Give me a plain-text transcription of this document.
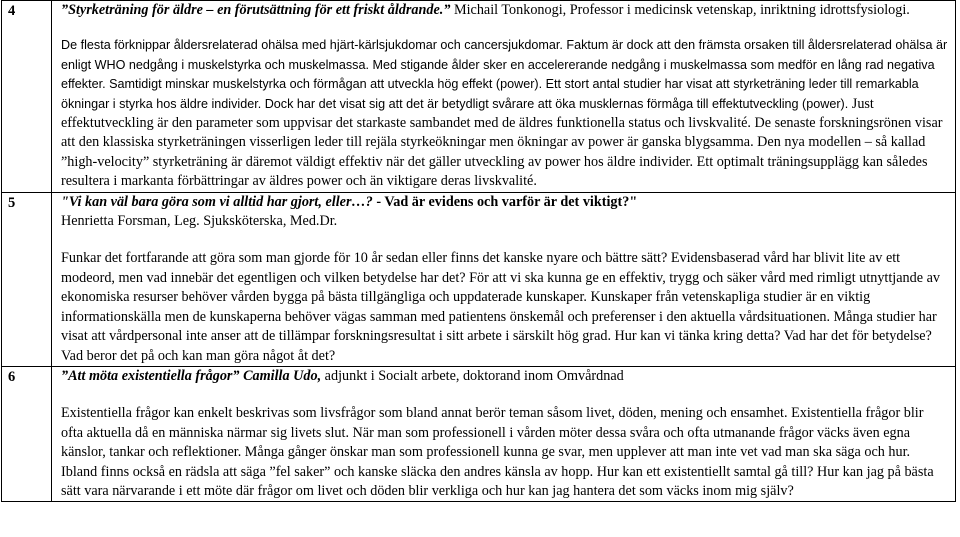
4	”Styrketräning för äldre – en förutsättning för ett friskt åldrande.” Michail Tonkonogi, Professor i medicinsk vetenskap, inriktning idrottsfysiologi.

De flesta förknippar åldersrelaterad ohälsa med hjärt-kärlsjukdomar och cancersjukdomar. Faktum är dock att den främsta orsaken till åldersrelaterad ohälsa är enligt WHO nedgång i muskelstyrka och muskelmassa. Med stigande ålder sker en accelererande nedgång i muskelmassa som medför en lång rad negativa effekter. Samtidigt minskar muskelstyrka och förmågan att utveckla hög effekt (power). Ett stort antal studier har visat att styrketräning leder till remarkabla ökningar i styrka hos äldre individer. Dock har det visat sig att det är betydligt svårare att öka musklernas förmåga till effektutveckling (power). Just effektutveckling är den parameter som uppvisar det starkaste sambandet med de äldres funktionella status och livskvalité. De senaste forskningsrönen visar att den klassiska styrketräningen visserligen leder till rejäla styrkeökningar men ökningar av power är ganska blygsamma. Den nya modellen – så kallad ”high-velocity” styrketräning är däremot väldigt effektiv när det gäller utveckling av power hos äldre individer. Ett optimalt träningsupplägg kan således resultera i markanta förbättringar av äldres power och än viktigare deras livskvalité.

5	"Vi kan väl bara göra som vi alltid har gjort, eller…? - Vad är evidens och varför är det viktigt?"

Henrietta Forsman, Leg. Sjuksköterska, Med.Dr.

Funkar det fortfarande att göra som man gjorde för 10 år sedan eller finns det kanske nyare och bättre sätt? Evidensbaserad vård har blivit lite av ett modeord, men vad innebär det egentligen och vilken betydelse har det? För att vi ska kunna ge en effektiv, trygg och säker vård med rimligt utnyttjande av ekonomiska resurser behöver vården bygga på bästa tillgängliga och uppdaterade kunskaper. Kunskaper från vetenskapliga studier är en viktig informationskälla men de kunskaperna behöver vägas samman med patientens önskemål och preferenser i den aktuella vårdsituationen. Många studier har visat att vårdpersonal inte anser att de tillämpar forskningsresultat i sitt arbete i särskilt hög grad. Hur kan vi tänka kring detta? Vad har det för betydelse? Vad beror det på och kan man göra något åt det?

6	”Att möta existentiella frågor” Camilla Udo, adjunkt i Socialt arbete, doktorand inom Omvårdnad

Existentiella frågor kan enkelt beskrivas som livsfrågor som bland annat berör teman såsom livet, döden, mening och ensamhet. Existentiella frågor blir ofta aktuella då en människa närmar sig livets slut. När man som professionell i vården möter dessa svåra och ofta utmanande frågor väcks även egna känslor, tankar och reflektioner. Många gånger önskar man som professionell kunna ge svar, men upplever att man inte vet vad man ska säga och hur. Ibland finns också en rädsla att säga ”fel saker” och kanske släcka den andres känsla av hopp. Hur kan ett existentiellt samtal gå till? Hur kan jag på bästa sätt vara närvarande i ett möte där frågor om livet och döden blir verkliga och hur kan jag hantera det som väcks inom mig själv?
